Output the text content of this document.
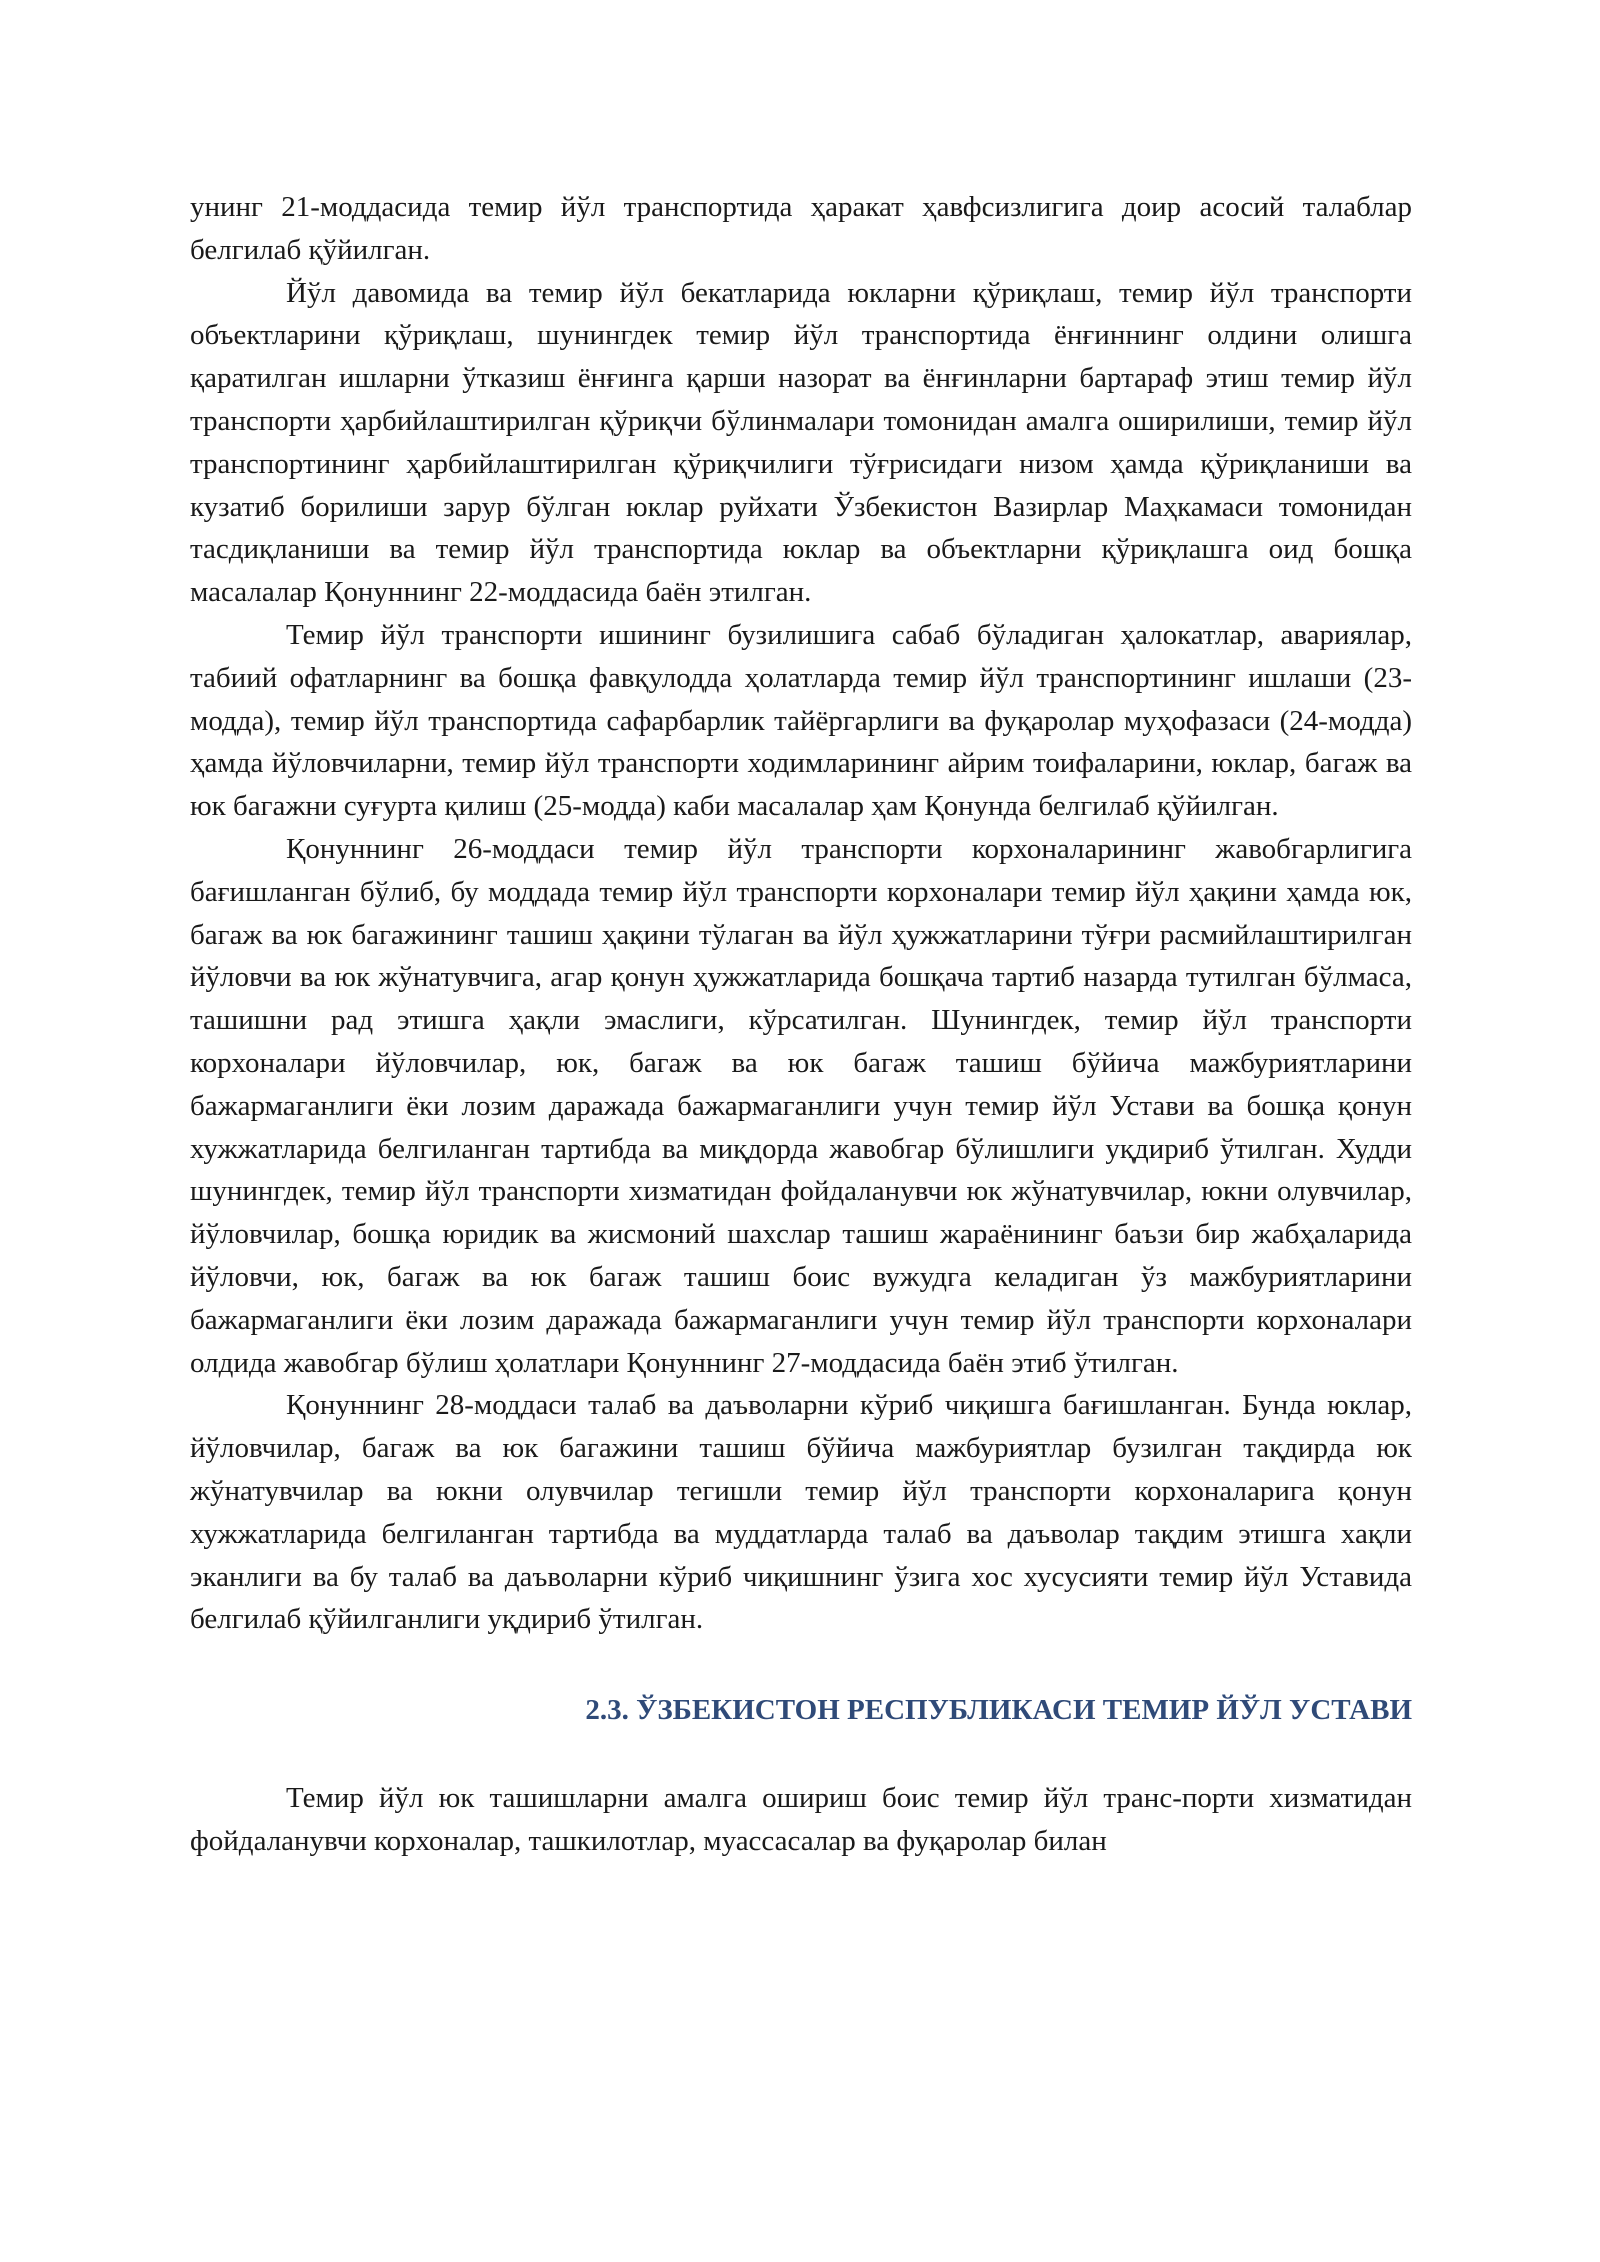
унинг 21-моддасида темир йўл транспортида ҳаракат ҳавфсизлигига доир асосий талаблар белгилаб қўйилган.

Йўл давомида ва темир йўл бекатларида юкларни қўриқлаш, темир йўл транспорти объектларини қўриқлаш, шунингдек темир йўл транспортида ёнғиннинг олдини олишга қаратилган ишларни ўтказиш ёнғинга қарши назорат ва ёнғинларни бартараф этиш темир йўл транспорти ҳарбийлаштирилган қўриқчи бўлинмалари томонидан амалга оширилиши, темир йўл транспортининг ҳарбийлаштирилган қўриқчилиги тўғрисидаги низом ҳамда қўриқланиши ва кузатиб борилиши зарур бўлган юклар руйхати Ўзбекистон Вазирлар Маҳкамаси томонидан тасдиқланиши ва темир йўл транспортида юклар ва объектларни қўриқлашга оид бошқа масалалар Қонуннинг 22-моддасида баён этилган.

Темир йўл транспорти ишининг бузилишига сабаб бўладиган ҳалокатлар, авариялар, табиий офатларнинг ва бошқа фавқулодда ҳолатларда темир йўл транспортининг ишлаши (23-модда), темир йўл транспортида сафарбарлик тайёргарлиги ва фуқаролар муҳофазаси (24-модда) ҳамда йўловчиларни, темир йўл транспорти ходимларининг айрим тоифаларини, юклар, багаж ва юк багажни суғурта қилиш (25-модда) каби масалалар ҳам Қонунда белгилаб қўйилган.

Қонуннинг 26-моддаси темир йўл транспорти корхоналарининг жавобгарлигига бағишланган бўлиб, бу моддада темир йўл транспорти корхоналари темир йўл ҳақини ҳамда юк, багаж ва юк багажининг ташиш ҳақини тўлаган ва йўл ҳужжатларини тўғри расмийлаштирилган йўловчи ва юк жўнатувчига, агар қонун ҳужжатларида бошқача тартиб назарда тутилган бўлмаса, ташишни рад этишга ҳақли эмаслиги, кўрсатилган. Шунингдек, темир йўл транспорти корхоналари йўловчилар, юк, багаж ва юк багаж ташиш бўйича мажбуриятларини бажармаганлиги ёки лозим даражада бажармаганлиги учун темир йўл Устави ва бошқа қонун хужжатларида белгиланган тартибда ва миқдорда жавобгар бўлишлиги уқдириб ўтилган. Худди шунингдек, темир йўл транспорти хизматидан фойдаланувчи юк жўнатувчилар, юкни олувчилар, йўловчилар, бошқа юридик ва жисмоний шахслар ташиш жараёнининг баъзи бир жабҳаларида йўловчи, юк, багаж ва юк багаж ташиш боис вужудга келадиган ўз мажбуриятларини бажармаганлиги ёки лозим даражада бажармаганлиги учун темир йўл транспорти корхоналари олдида жавобгар бўлиш ҳолатлари Қонуннинг 27-моддасида баён этиб ўтилган.

Қонуннинг 28-моддаси талаб ва даъволарни кўриб чиқишга бағишланган. Бунда юклар, йўловчилар, багаж ва юк багажини ташиш бўйича мажбуриятлар бузилган тақдирда юк жўнатувчилар ва юкни олувчилар тегишли темир йўл транспорти корхоналарига қонун хужжатларида белгиланган тартибда ва муддатларда талаб ва даъволар тақдим этишга хақли эканлиги ва бу талаб ва даъволарни кўриб чиқишнинг ўзига хос хусусияти темир йўл Уставида белгилаб қўйилганлиги уқдириб ўтилган.

2.3. ЎЗБЕКИСТОН РЕСПУБЛИКАСИ ТЕМИР ЙЎЛ УСТАВИ

Темир йўл юк ташишларни амалга ошириш боис темир йўл транс-порти хизматидан фойдаланувчи корхоналар, ташкилотлар, муассасалар ва фуқаролар билан
